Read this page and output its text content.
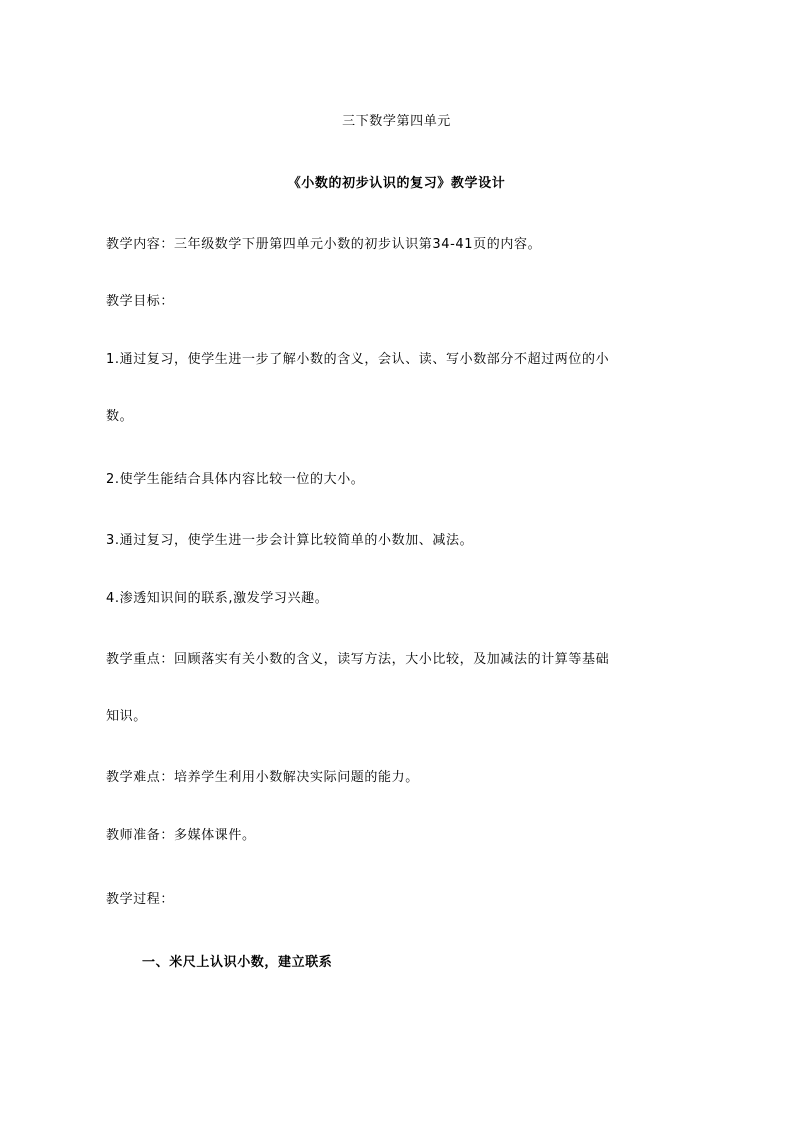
三下数学第四单元
《小数的初步认识的复习》教学设计
教学内容：三年级数学下册第四单元小数的初步认识第34-41页的内容。
教学目标：
1.通过复习，使学生进一步了解小数的含义，会认、读、写小数部分不超过两位的小
数。
2.使学生能结合具体内容比较一位的大小。
3.通过复习，使学生进一步会计算比较简单的小数加、减法。
4.渗透知识间的联系,激发学习兴趣。
教学重点：回顾落实有关小数的含义，读写方法，大小比较，及加减法的计算等基础
知识。
教学难点：培养学生利用小数解决实际问题的能力。
教师准备：多媒体课件。
教学过程：
一、米尺上认识小数，建立联系
